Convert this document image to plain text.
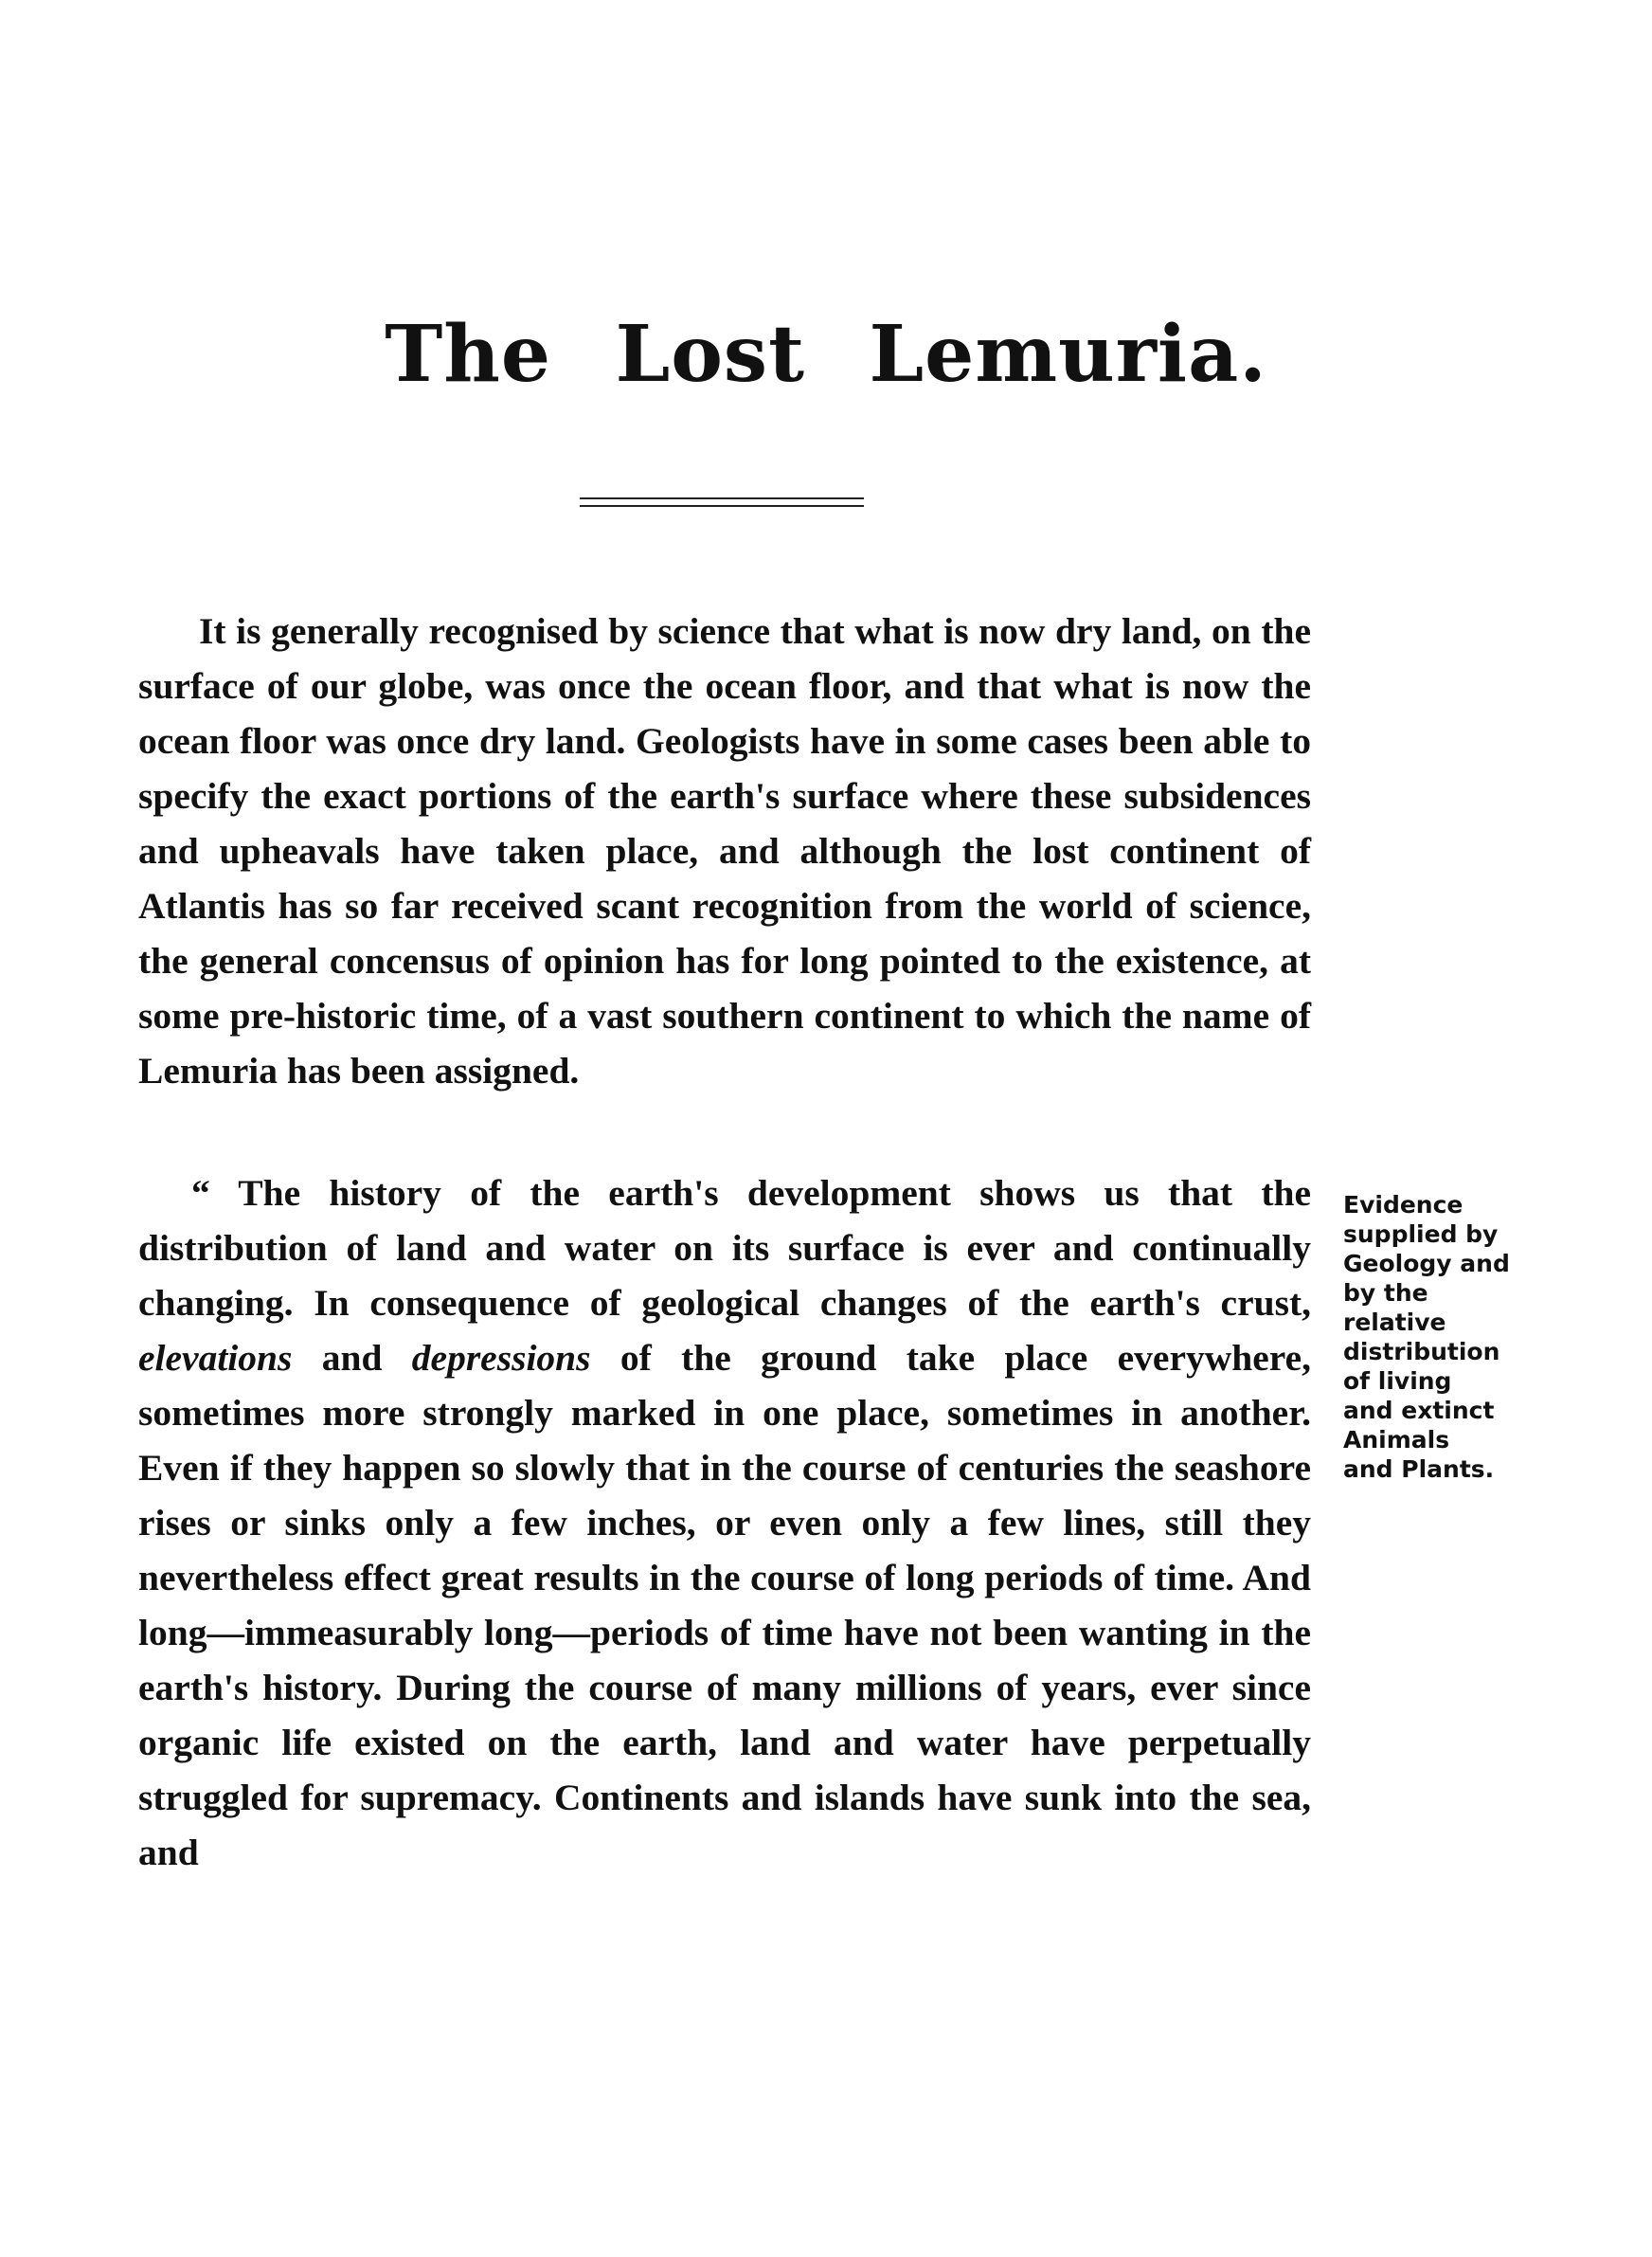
The Lost Lemuria.

It is generally recognised by science that what is now dry land, on the surface of our globe, was once the ocean floor, and that what is now the ocean floor was once dry land. Geologists have in some cases been able to specify the exact portions of the earth's surface where these subsidences and upheavals have taken place, and although the lost continent of Atlantis has so far received scant recognition from the world of science, the general concensus of opinion has for long pointed to the existence, at some pre-historic time, of a vast southern continent to which the name of Lemuria has been assigned.

“ The history of the earth's development shows us that the distribution of land and water on its surface is ever and continually changing. In consequence of geological changes of the earth's crust, elevations and depressions of the ground take place everywhere, sometimes more strongly marked in one place, sometimes in another. Even if they happen so slowly that in the course of centuries the seashore rises or sinks only a few inches, or even only a few lines, still they nevertheless effect great results in the course of long periods of time. And long—immeasurably long—periods of time have not been wanting in the earth's history. During the course of many millions of years, ever since organic life existed on the earth, land and water have perpetually struggled for supremacy. Continents and islands have sunk into the sea, and

Evidence
supplied by
Geology and
by the
relative
distribution
of living
and extinct
Animals
and Plants.
